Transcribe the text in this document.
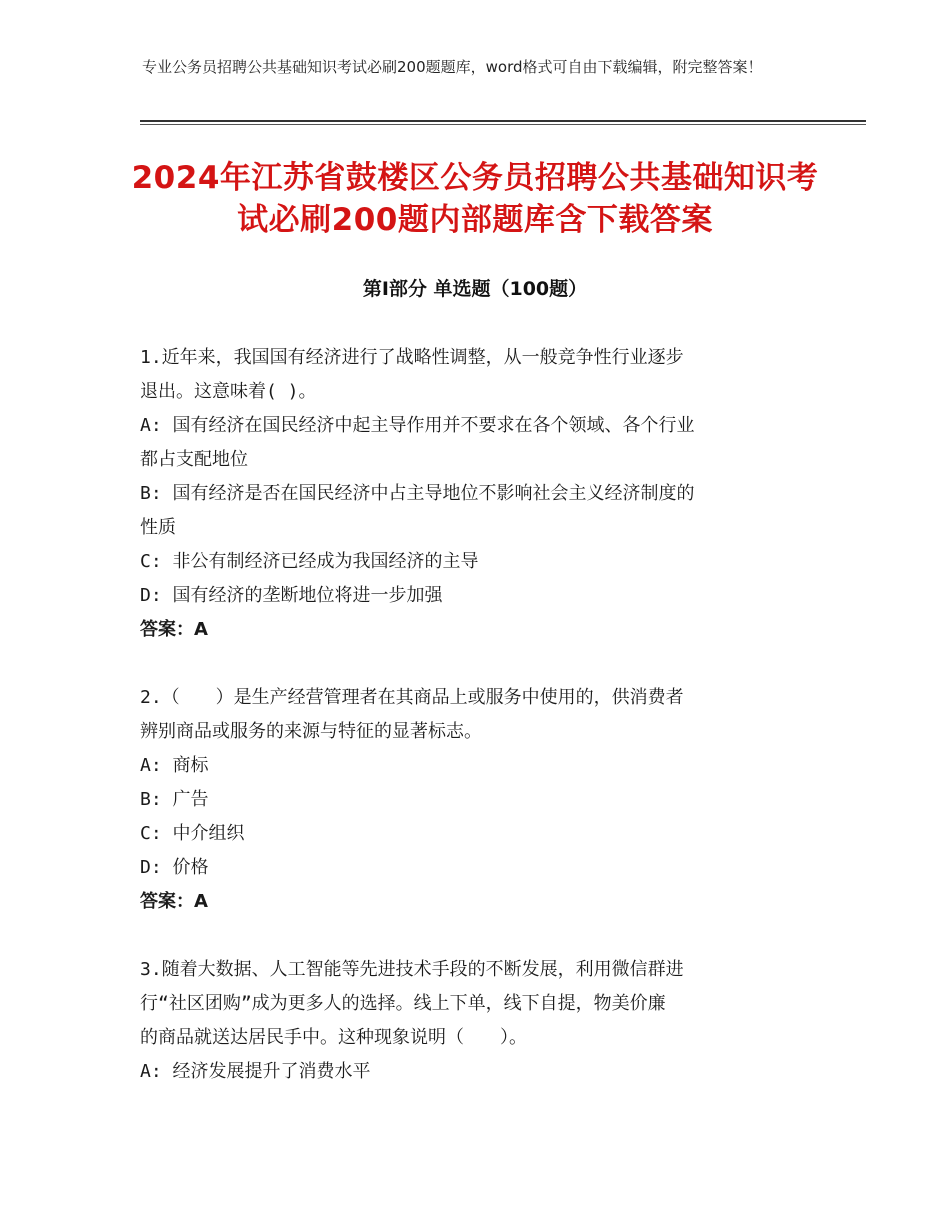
专业公务员招聘公共基础知识考试必刷200题题库，word格式可自由下载编辑，附完整答案！
2024年江苏省鼓楼区公务员招聘公共基础知识考试必刷200题内部题库含下载答案
第Ⅰ部分 单选题（100题）
1.近年来，我国国有经济进行了战略性调整，从一般竞争性行业逐步
退出。这意味着( )。
A: 国有经济在国民经济中起主导作用并不要求在各个领域、各个行业
都占支配地位
B: 国有经济是否在国民经济中占主导地位不影响社会主义经济制度的
性质
C: 非公有制经济已经成为我国经济的主导
D: 国有经济的垄断地位将进一步加强
答案：A
2.（　　）是生产经营管理者在其商品上或服务中使用的，供消费者
辨别商品或服务的来源与特征的显著标志。
A: 商标
B: 广告
C: 中介组织
D: 价格
答案：A
3.随着大数据、人工智能等先进技术手段的不断发展，利用微信群进
行“社区团购”成为更多人的选择。线上下单，线下自提，物美价廉
的商品就送达居民手中。这种现象说明（　　）。
A: 经济发展提升了消费水平
